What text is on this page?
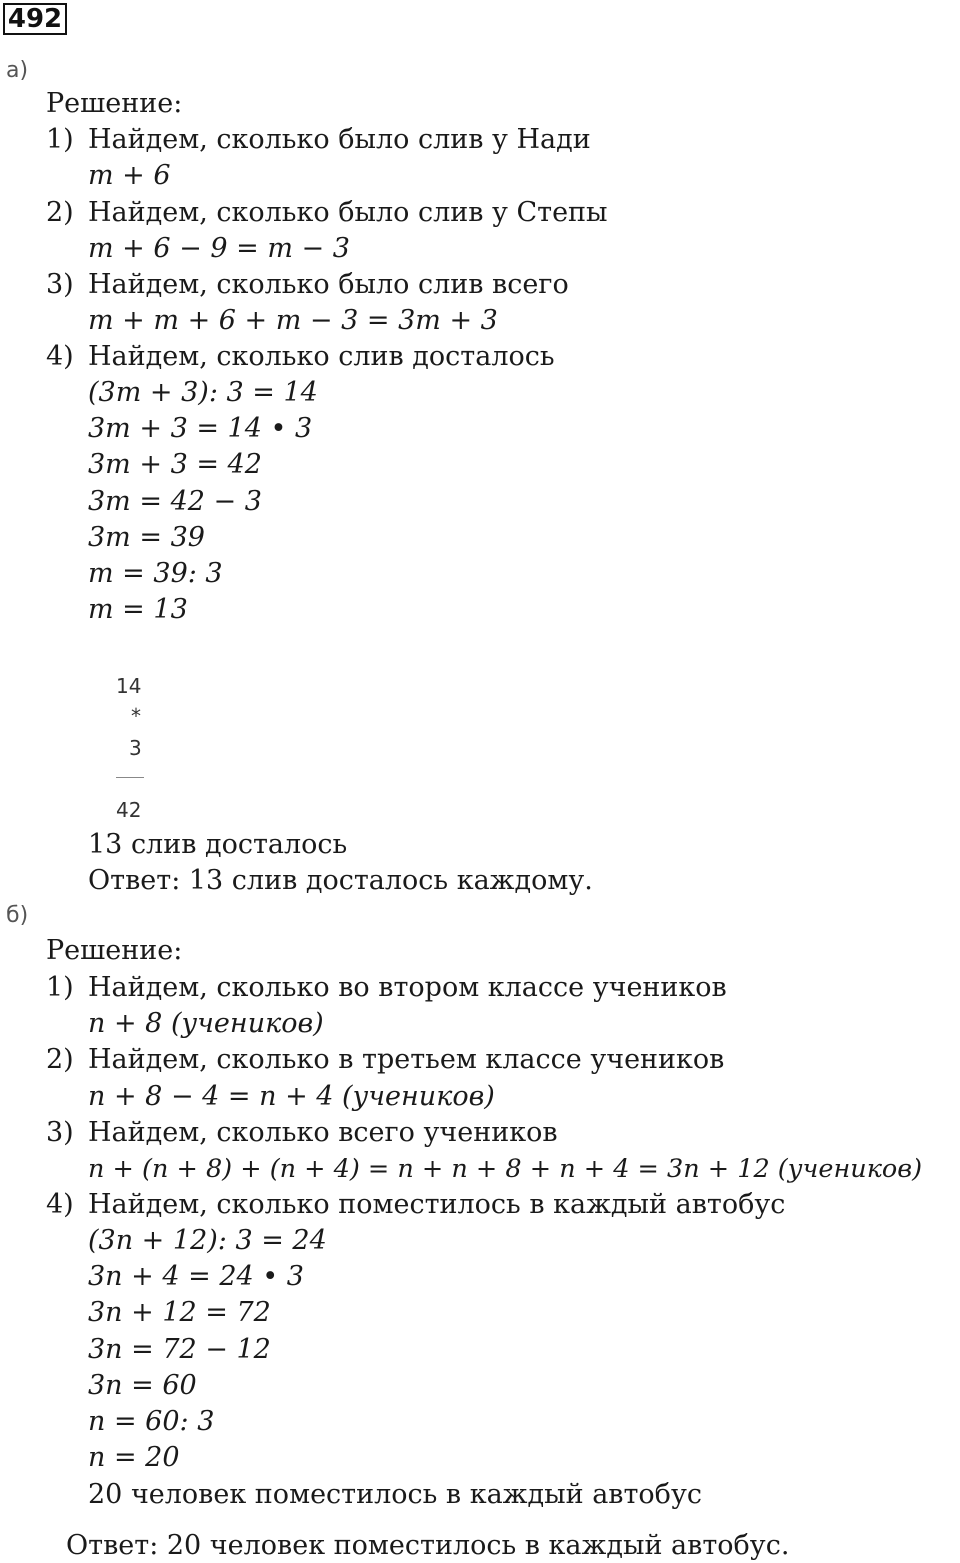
492
а)
Решение:
1) Найдем, сколько было слив у Нади
m + 6
2) Найдем, сколько было слив у Степы
m + 6 − 9 = m − 3
3) Найдем, сколько было слив всего
m + m + 6 + m − 3 = 3m + 3
4) Найдем, сколько слив досталось
(3m + 3): 3 = 14
3m + 3 = 14 • 3
3m + 3 = 42
3m = 42 − 3
3m = 39
m = 39: 3
m = 13
14
*
3
42
13 слив досталось
Ответ: 13 слив досталось каждому.
б)
Решение:
1) Найдем, сколько во втором классе учеников
n + 8 (учеников)
2) Найдем, сколько в третьем классе учеников
n + 8 − 4 = n + 4 (учеников)
3) Найдем, сколько всего учеников
n + (n + 8) + (n + 4) = n + n + 8 + n + 4 = 3n + 12 (учеников)
4) Найдем, сколько поместилось в каждый автобус
(3n + 12): 3 = 24
3n + 4 = 24 • 3
3n + 12 = 72
3n = 72 − 12
3n = 60
n = 60: 3
n = 20
20 человек поместилось в каждый автобус
Ответ: 20 человек поместилось в каждый автобус.
